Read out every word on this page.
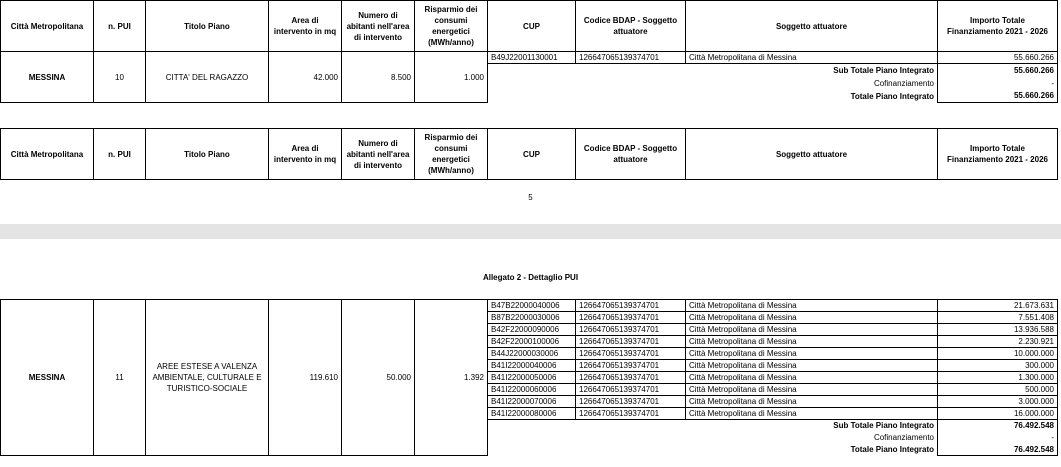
Città Metropolitana	n. PUI	Titolo Piano	Area di intervento in mq	Numero di abitanti nell'area di intervento	Risparmio dei consumi energetici (MWh/anno)	CUP	Codice BDAP - Soggetto attuatore	Soggetto attuatore	Importo Totale Finanziamento 2021 - 2026
MESSINA	10	CITTA' DEL RAGAZZO	42.000	8.500	1.000	B49J22001130001	126647065139374701	Città Metropolitana di Messina	55.660.266
						Sub Totale Piano Integrato			55.660.266
						Cofinanziamento			-
						Totale Piano Integrato			55.660.266
Città Metropolitana	n. PUI	Titolo Piano	Area di intervento in mq	Numero di abitanti nell'area di intervento	Risparmio dei consumi energetici (MWh/anno)	CUP	Codice BDAP - Soggetto attuatore	Soggetto attuatore	Importo Totale Finanziamento 2021 - 2026
5
Allegato 2 - Dettaglio PUI
MESSINA	11	AREE ESTESE A VALENZA AMBIENTALE, CULTURALE E TURISTICO-SOCIALE	119.610	50.000	1.392	B47B22000040006	126647065139374701	Città Metropolitana di Messina	21.673.631
						B87B22000030006	126647065139374701	Città Metropolitana di Messina	7.551.408
						B42F22000090006	126647065139374701	Città Metropolitana di Messina	13.936.588
						B42F22000100006	126647065139374701	Città Metropolitana di Messina	2.230.921
						B44J22000030006	126647065139374701	Città Metropolitana di Messina	10.000.000
						B41I22000040006	126647065139374701	Città Metropolitana di Messina	300.000
						B41I22000050006	126647065139374701	Città Metropolitana di Messina	1.300.000
						B41I22000060006	126647065139374701	Città Metropolitana di Messina	500.000
						B41I22000070006	126647065139374701	Città Metropolitana di Messina	3.000.000
						B41I22000080006	126647065139374701	Città Metropolitana di Messina	16.000.000
						Sub Totale Piano Integrato			76.492.548
						Cofinanziamento			-
						Totale Piano Integrato			76.492.548
